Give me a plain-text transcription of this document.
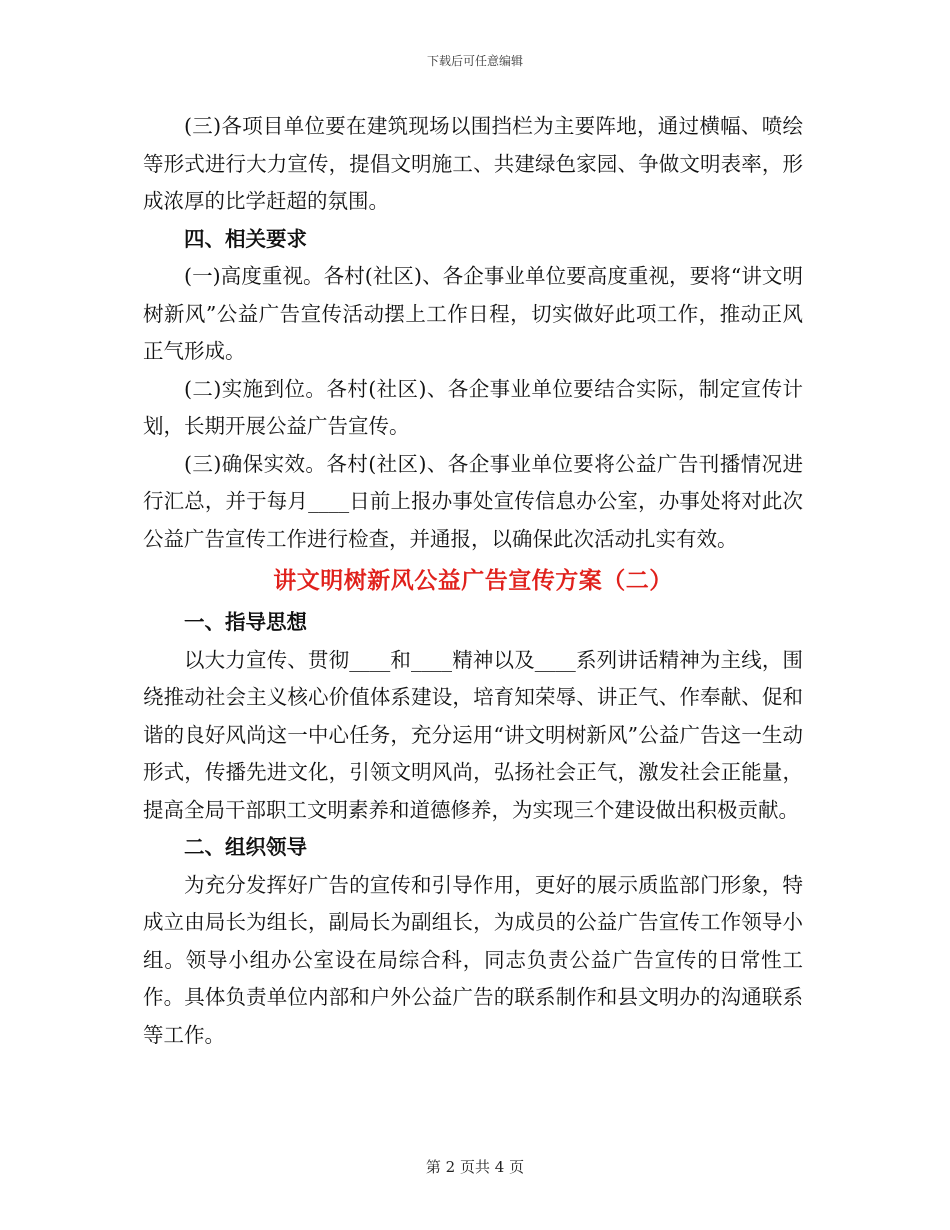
下载后可任意编辑

(三)各项目单位要在建筑现场以围挡栏为主要阵地，通过横幅、喷绘等形式进行大力宣传，提倡文明施工、共建绿色家园、争做文明表率，形成浓厚的比学赶超的氛围。

四、相关要求

(一)高度重视。各村(社区)、各企事业单位要高度重视，要将“讲文明树新风”公益广告宣传活动摆上工作日程，切实做好此项工作，推动正风正气形成。

(二)实施到位。各村(社区)、各企事业单位要结合实际，制定宣传计划，长期开展公益广告宣传。

(三)确保实效。各村(社区)、各企事业单位要将公益广告刊播情况进行汇总，并于每月____日前上报办事处宣传信息办公室，办事处将对此次公益广告宣传工作进行检查，并通报，以确保此次活动扎实有效。

讲文明树新风公益广告宣传方案（二）

一、指导思想

以大力宣传、贯彻____和____精神以及____系列讲话精神为主线，围绕推动社会主义核心价值体系建设，培育知荣辱、讲正气、作奉献、促和谐的良好风尚这一中心任务，充分运用“讲文明树新风”公益广告这一生动形式，传播先进文化，引领文明风尚，弘扬社会正气，激发社会正能量，提高全局干部职工文明素养和道德修养，为实现三个建设做出积极贡献。

二、组织领导

为充分发挥好广告的宣传和引导作用，更好的展示质监部门形象，特成立由局长为组长，副局长为副组长，为成员的公益广告宣传工作领导小组。领导小组办公室设在局综合科，同志负责公益广告宣传的日常性工作。具体负责单位内部和户外公益广告的联系制作和县文明办的沟通联系等工作。

第 2 页共 4 页
